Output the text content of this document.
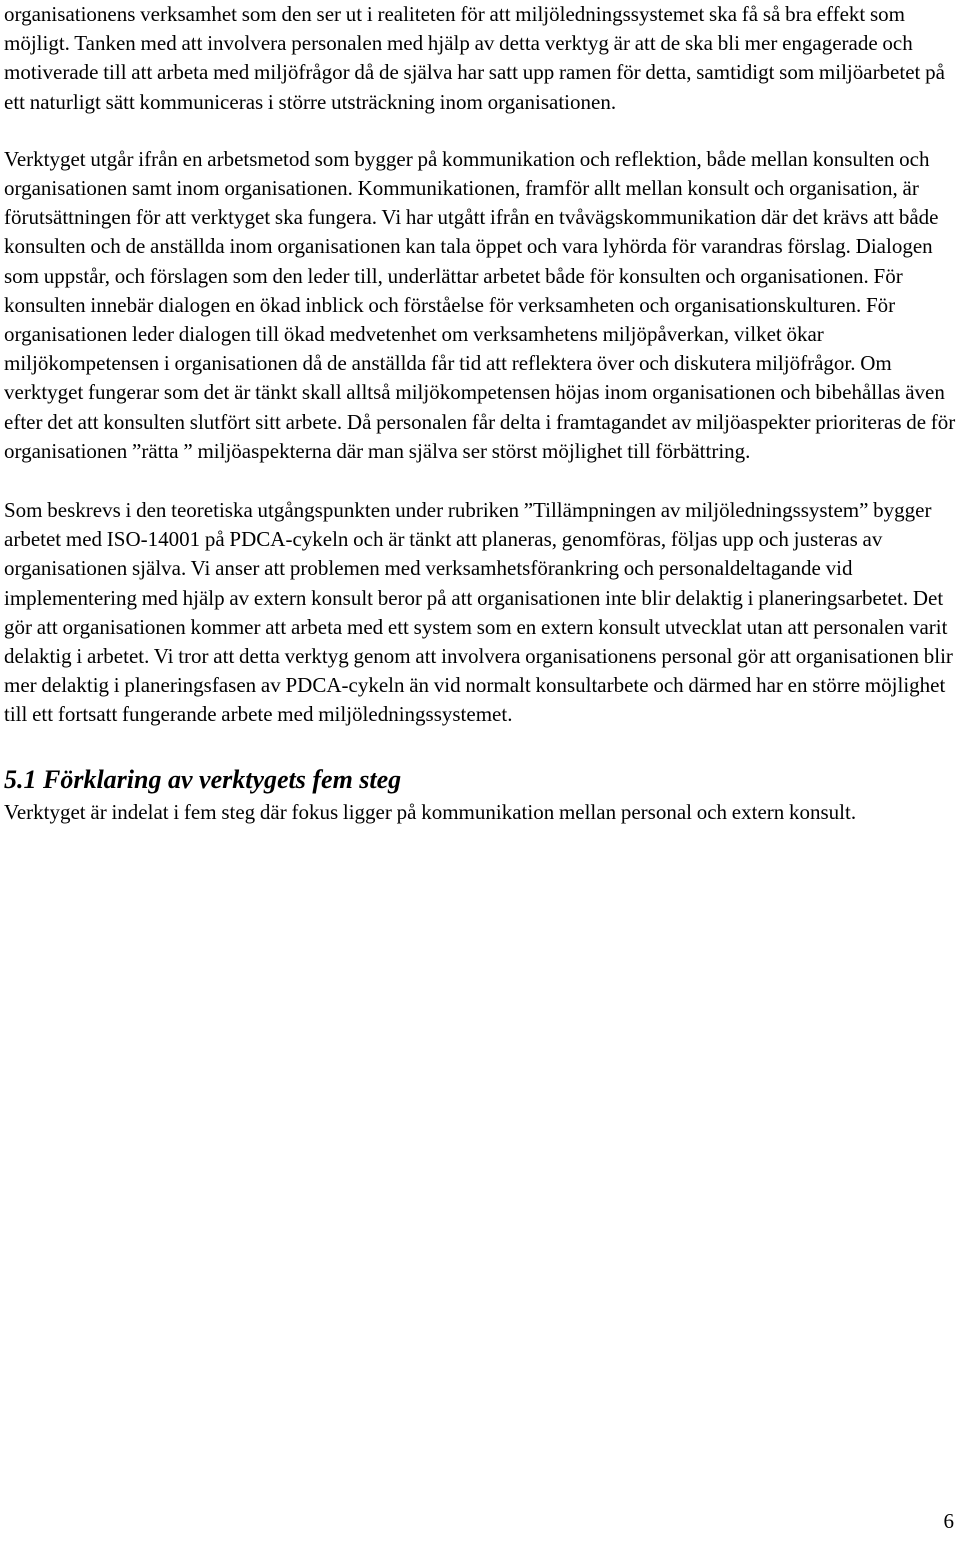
organisationens verksamhet som den ser ut i realiteten för att miljöledningssystemet ska få så bra effekt som möjligt. Tanken med att involvera personalen med hjälp av detta verktyg är att de ska bli mer engagerade och motiverade till att arbeta med miljöfrågor då de själva har satt upp ramen för detta, samtidigt som miljöarbetet på ett naturligt sätt kommuniceras i större utsträckning inom organisationen.

Verktyget utgår ifrån en arbetsmetod som bygger på kommunikation och reflektion, både mellan konsulten och organisationen samt inom organisationen. Kommunikationen, framför allt mellan konsult och organisation, är förutsättningen för att verktyget ska fungera. Vi har utgått ifrån en tvåvägskommunikation där det krävs att både konsulten och de anställda inom organisationen kan tala öppet och vara lyhörda för varandras förslag. Dialogen som uppstår, och förslagen som den leder till, underlättar arbetet både för konsulten och organisationen. För konsulten innebär dialogen en ökad inblick och förståelse för verksamheten och organisationskulturen. För organisationen leder dialogen till ökad medvetenhet om verksamhetens miljöpåverkan, vilket ökar miljökompetensen i organisationen då de anställda får tid att reflektera över och diskutera miljöfrågor. Om verktyget fungerar som det är tänkt skall alltså miljökompetensen höjas inom organisationen och bibehållas även efter det att konsulten slutfört sitt arbete. Då personalen får delta i framtagandet av miljöaspekter prioriteras de för organisationen ”rätta ” miljöaspekterna där man själva ser störst möjlighet till förbättring.

Som beskrevs i den teoretiska utgångspunkten under rubriken ”Tillämpningen av miljöledningssystem” bygger arbetet med ISO-14001 på PDCA-cykeln och är tänkt att planeras, genomföras, följas upp och justeras av organisationen själva. Vi anser att problemen med verksamhetsförankring och personaldeltagande vid implementering med hjälp av extern konsult beror på att organisationen inte blir delaktig i planeringsarbetet. Det gör att organisationen kommer att arbeta med ett system som en extern konsult utvecklat utan att personalen varit delaktig i arbetet. Vi tror att detta verktyg genom att involvera organisationens personal gör att organisationen blir mer delaktig i planeringsfasen av PDCA-cykeln än vid normalt konsultarbete och därmed har en större möjlighet till ett fortsatt fungerande arbete med miljöledningssystemet.

5.1 Förklaring av verktygets fem steg

Verktyget är indelat i fem steg där fokus ligger på kommunikation mellan personal och extern konsult.

6
